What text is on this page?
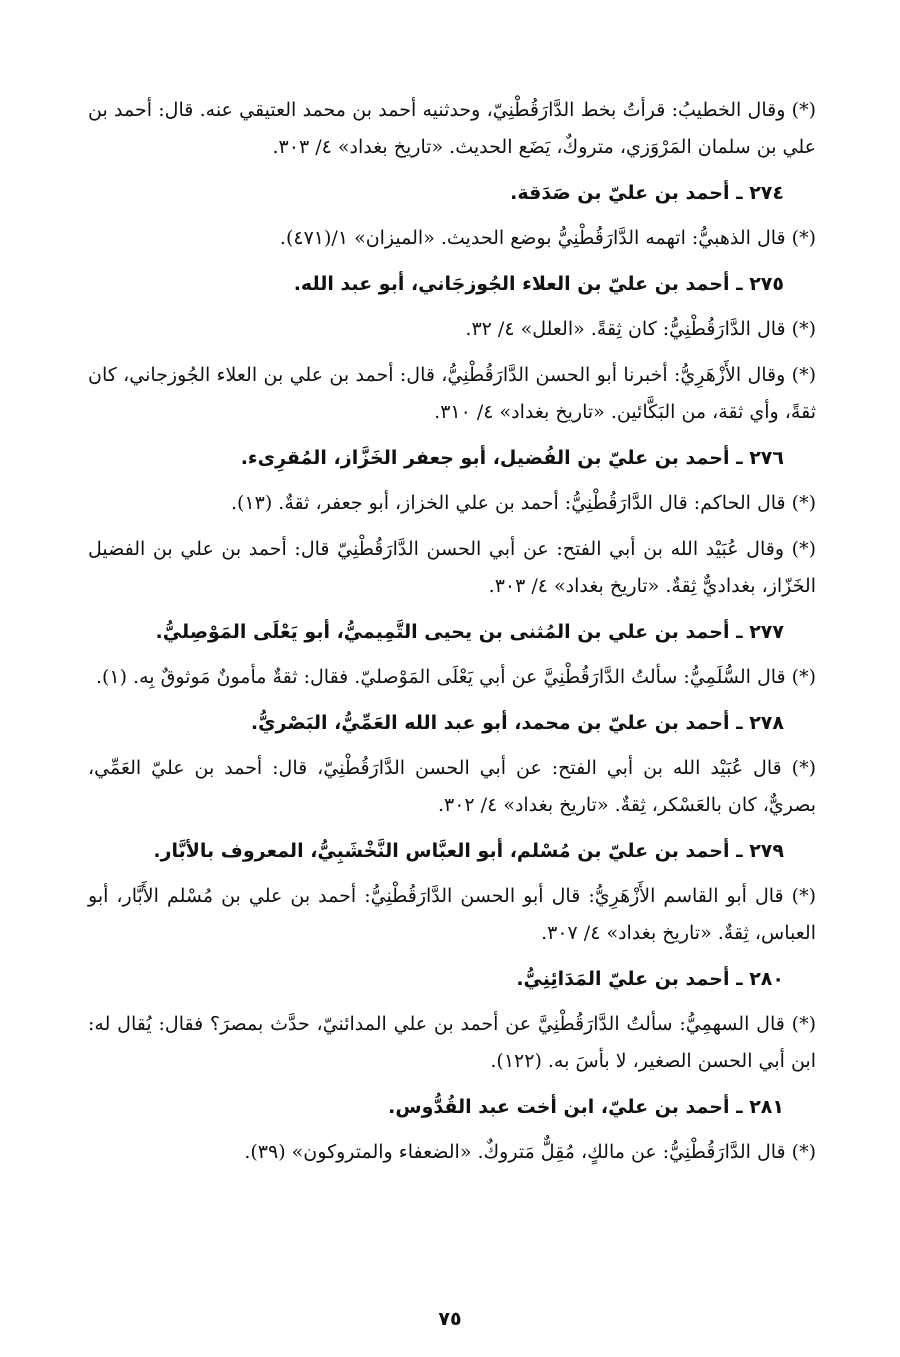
(*) وقال الخطيبُ: قرأتُ بخط الدَّارَقُطْنِيّ، وحدثنيه أحمد بن محمد العتيقي عنه. قال: أحمد بن علي بن سلمان المَرْوَزي، متروكٌ، يَضَع الحديث. «تاريخ بغداد» ٤/ ٣٠٣.

٢٧٤ ـ أحمد بن عليّ بن صَدَقة.

(*) قال الذهبيُّ: اتهمه الدَّارَقُطْنِيُّ بوضع الحديث. «الميزان» ١/(٤٧١).

٢٧٥ ـ أحمد بن عليّ بن العلاء الجُوزجَاني، أبو عبد الله.

(*) قال الدَّارَقُطْنِيُّ: كان ثِقةً. «العلل» ٤/ ٣٢.

(*) وقال الأَزْهَرِيُّ: أخبرنا أبو الحسن الدَّارَقُطْنِيُّ، قال: أحمد بن علي بن العلاء الجُوزجاني، كان ثقةً، وأي ثقة، من البَكَّائين. «تاريخ بغداد» ٤/ ٣١٠.

٢٧٦ ـ أحمد بن عليّ بن الفُضيل، أبو جعفر الخَزَّاز، المُقرِىء.

(*) قال الحاكم: قال الدَّارَقُطْنِيُّ: أحمد بن علي الخزاز، أبو جعفر، ثقةٌ. (١٣).

(*) وقال عُبَيْد الله بن أبي الفتح: عن أبي الحسن الدَّارَقُطْنِيّ قال: أحمد بن علي بن الفضيل الخَزّاز، بغداديٌّ ثِقةٌ. «تاريخ بغداد» ٤/ ٣٠٣.

٢٧٧ ـ أحمد بن علي بن المُثنى بن يحيى التَّمِيميُّ، أبو يَعْلَى المَوْصِليُّ.

(*) قال السُّلَمِيُّ: سألتُ الدَّارَقُطْنِيَّ عن أبي يَعْلَى المَوْصليّ. فقال: ثقةٌ مأمونٌ مَوثوقٌ بِه. (١).

٢٧٨ ـ أحمد بن عليّ بن محمد، أبو عبد الله العَمِّيُّ، البَصْريُّ.

(*) قال عُبَيْد الله بن أبي الفتح: عن أبي الحسن الدَّارَقُطْنِيّ، قال: أحمد بن عليّ العَمِّي، بصريٌّ، كان بالعَسْكر، ثِقةٌ. «تاريخ بغداد» ٤/ ٣٠٢.

٢٧٩ ـ أحمد بن عليّ بن مُسْلم، أبو العبَّاس النَّخْشَبِيُّ، المعروف بالأبَّار.

(*) قال أبو القاسم الأَزْهَرِيُّ: قال أبو الحسن الدَّارَقُطْنِيُّ: أحمد بن علي بن مُسْلم الأَبَّار، أبو العباس، ثِقةٌ. «تاريخ بغداد» ٤/ ٣٠٧.

٢٨٠ ـ أحمد بن عليّ المَدَائِنِيُّ.

(*) قال السهمِيُّ: سألتُ الدَّارَقُطْنِيَّ عن أحمد بن علي المدائنيّ، حدَّث بمصرَ؟ فقال: يُقال له: ابن أبي الحسن الصغير، لا بأسَ به. (١٢٢).

٢٨١ ـ أحمد بن عليّ، ابن أخت عبد القُدُّوس.

(*) قال الدَّارَقُطْنِيُّ: عن مالكٍ، مُقِلٌّ مَتروكٌ. «الضعفاء والمتروكون» (٣٩).

٧٥
